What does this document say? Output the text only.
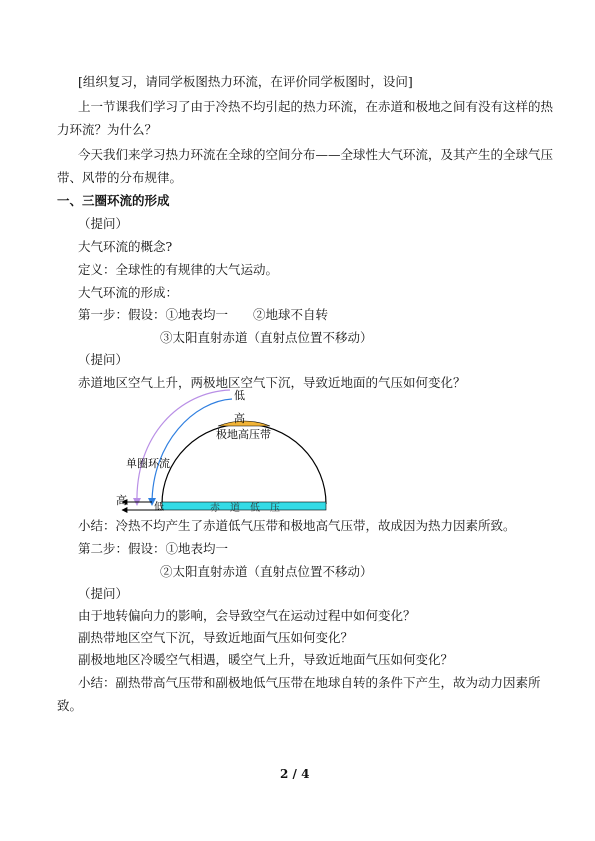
[组织复习，请同学板图热力环流，在评价同学板图时，设问]
上一节课我们学习了由于冷热不均引起的热力环流，在赤道和极地之间有没有这样的热
力环流？为什么？
今天我们来学习热力环流在全球的空间分布——全球性大气环流，及其产生的全球气压
带、风带的分布规律。
一、三圈环流的形成
（提问）
大气环流的概念?
定义：全球性的有规律的大气运动。
大气环流的形成：
第一步：假设：①地表均一　　②地球不自转
③太阳直射赤道（直射点位置不移动）
（提问）
赤道地区空气上升，两极地区空气下沉，导致近地面的气压如何变化？
低
高
极地高压带
单圈环流
高
低	赤　道　低　压
小结：冷热不均产生了赤道低气压带和极地高气压带，故成因为热力因素所致。
第二步：假设：①地表均一
②太阳直射赤道（直射点位置不移动）
（提问）
由于地转偏向力的影响，会导致空气在运动过程中如何变化？
副热带地区空气下沉，导致近地面气压如何变化？
副极地地区冷暖空气相遇，暖空气上升，导致近地面气压如何变化？
小结：副热带高气压带和副极地低气压带在地球自转的条件下产生，故为动力因素所
致。
2 / 4
